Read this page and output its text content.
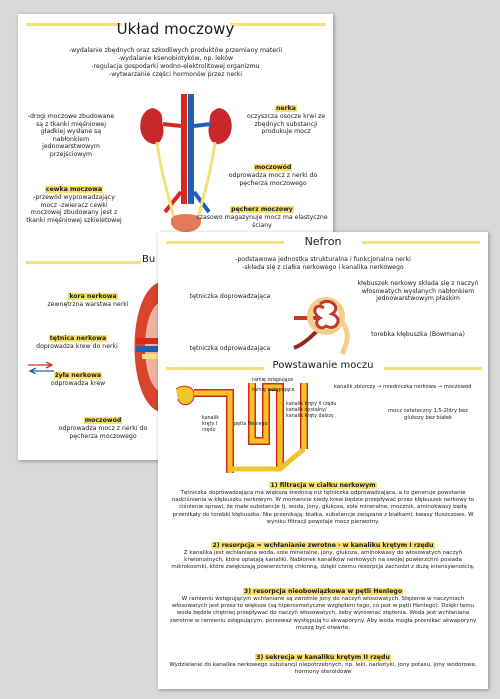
Układ moczowy
-wydalanie zbędnych oraz szkodliwych produktów przemiany materii
-wydalanie ksenobiotyków, np. leków
-regulacja gospodarki wodno-elektrolitowej organizmu
-wytwarzanie części hormonów przez nerki
-drogi moczowe zbudowane są z tkanki mięśniowej gładkiej wysłane są nabłonkiem jednowarstwowym przejściowym
nerka
oczyszcza osocze krwi ze zbędnych substancji produkuje mocz
moczowód
odprowadza mocz z nerki do pęcherza moczowego
cewka moczowa
-przewód wyprowadzający mocz -zwieracz cewki moczowej zbudowany jest z tkanki mięśniowej szkieletowej
pęcherz moczowy
czasowo magazynuje mocz ma elastyczne ściany
Bu
kora nerkowa
zewnętrzna warstwa nerki
tętnica nerkowa
doprowadza krew do nerki
żyła nerkowa
odprowadza krew
moczowód
odprowadza mocz z nerki do pęcherza moczowego
Nefron
-podstawowa jednostka strukturalna i funkcjonalna nerki
-składa się z ciałka nerkowego i kanalika nerkowego
tętniczka doprowadzająca
tętniczka odprowadzająca
kłębuszek nerkowy składa się z naczyń włosowatych wysłanych nabłonkiem jednowarstwowym płaskim
torebka kłębuszka (Bowmana)
Powstawanie moczu
ramię zstępujące
ramię wstępujące
kanalik kręty I rzędu
pętla Henlego
kanalik kręty II rzędu kanalik dystalny/ kanalik kręty dalszy
kanalik zbiorczy → miedniczka nerkowa → moczowód
mocz ostateczny 1,5-2litry bez glukozy bez białek
1) filtracja w ciałku nerkowym
Tętniczka doprowadzająca ma większą średnicę niż tętniczka odprowadzająca, a to generuje powstanie nadciśnienia w kłębuszku nerkowym. W momencie kiedy krew będzie przepływać przez kłębuszek nerkowy to ciśnienie sprawi, że małe substancje tj. woda, jony, glukoza, sole mineralne, mocznik, aminokwasy będą przenikały do torebki kłębuszka. Nie przenikają: białka, substancje związane z białkami, kwasy tłuszczowe. W wyniku filtracji powstaje mocz pierwotny.
2) resorpcja = wchłanianie zwrotne - w kanaliku krętym I rzędu
Z kanalika jest wchłaniana woda, sole mineralne, jony, glukoza, aminokwasy do włosowatych naczyń krwionośnych, które oplatają kanaliki. Nabłonek kanalików nerkowych na swojej powierzchni posiada mikrokosmki, które zwiększają powierzchnię chłonną, dzięki czemu resorpcja zachodzi z dużą intensywnością.
3) resorpcja nieobowiązkowa w pętli Henlego
W ramieniu wstępującym wchłaniane są zwrotnie jony do naczyń włosowatych. Stężenie w naczyniach włosowatych jest przez to większe (są hiperosmotyczne względem tego, co jest w pętli Henlego). Dzięki temu woda będzie chętniej przepływać do naczyń włosowatych, żeby wyrównać stężenia. Woda jest wchłaniana zwrotnie w ramieniu zstępującym, ponieważ występują tu akwaporyny. Aby woda mogła przenikać akwaporyny muszą być otwarte.
3) sekrecja w kanaliku krętym II rzędu
Wydzielanie do kanalika nerkowego substancji niepotrzebnych, np. leki, narkotyki, jony potasu, jony wodorowe, hormony steroidowe
